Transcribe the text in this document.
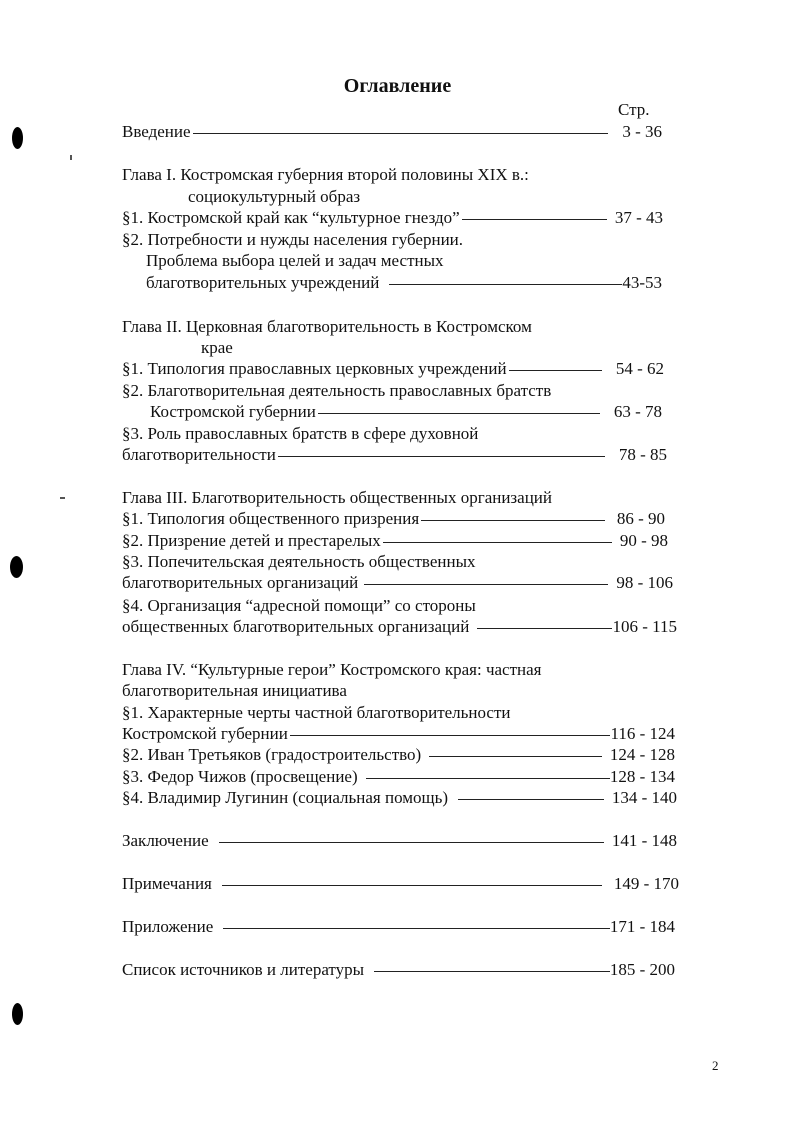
Оглавление
Стр.
Введение	3 - 36
Глава I. Костромская губерния второй половины XIX в.:
социокультурный образ
§1. Костромской край как “культурное гнездо”	37 - 43
§2. Потребности и нужды населения губернии.
Проблема выбора целей и задач местных
благотворительных учреждений	43-53
Глава II. Церковная благотворительность в Костромском
крае
§1. Типология православных церковных учреждений	54 - 62
§2. Благотворительная деятельность православных братств
Костромской губернии	63 - 78
§3. Роль православных братств в сфере духовной
благотворительности	78 - 85
Глава III. Благотворительность общественных организаций
§1. Типология общественного призрения	86 - 90
§2. Призрение детей и престарелых	90 - 98
§3. Попечительская деятельность общественных
благотворительных организаций	98 - 106
§4. Организация “адресной помощи” со стороны
общественных благотворительных организаций	106 - 115
Глава IV. “Культурные герои” Костромского края: частная
благотворительная инициатива
§1. Характерные черты частной благотворительности
Костромской губернии	116 - 124
§2. Иван Третьяков (градостроительство)	124 - 128
§3. Федор Чижов (просвещение)	128 - 134
§4. Владимир Лугинин (социальная помощь)	134 - 140
Заключение	141 - 148
Примечания	149 - 170
Приложение	171 - 184
Список источников и литературы	185 - 200
2
